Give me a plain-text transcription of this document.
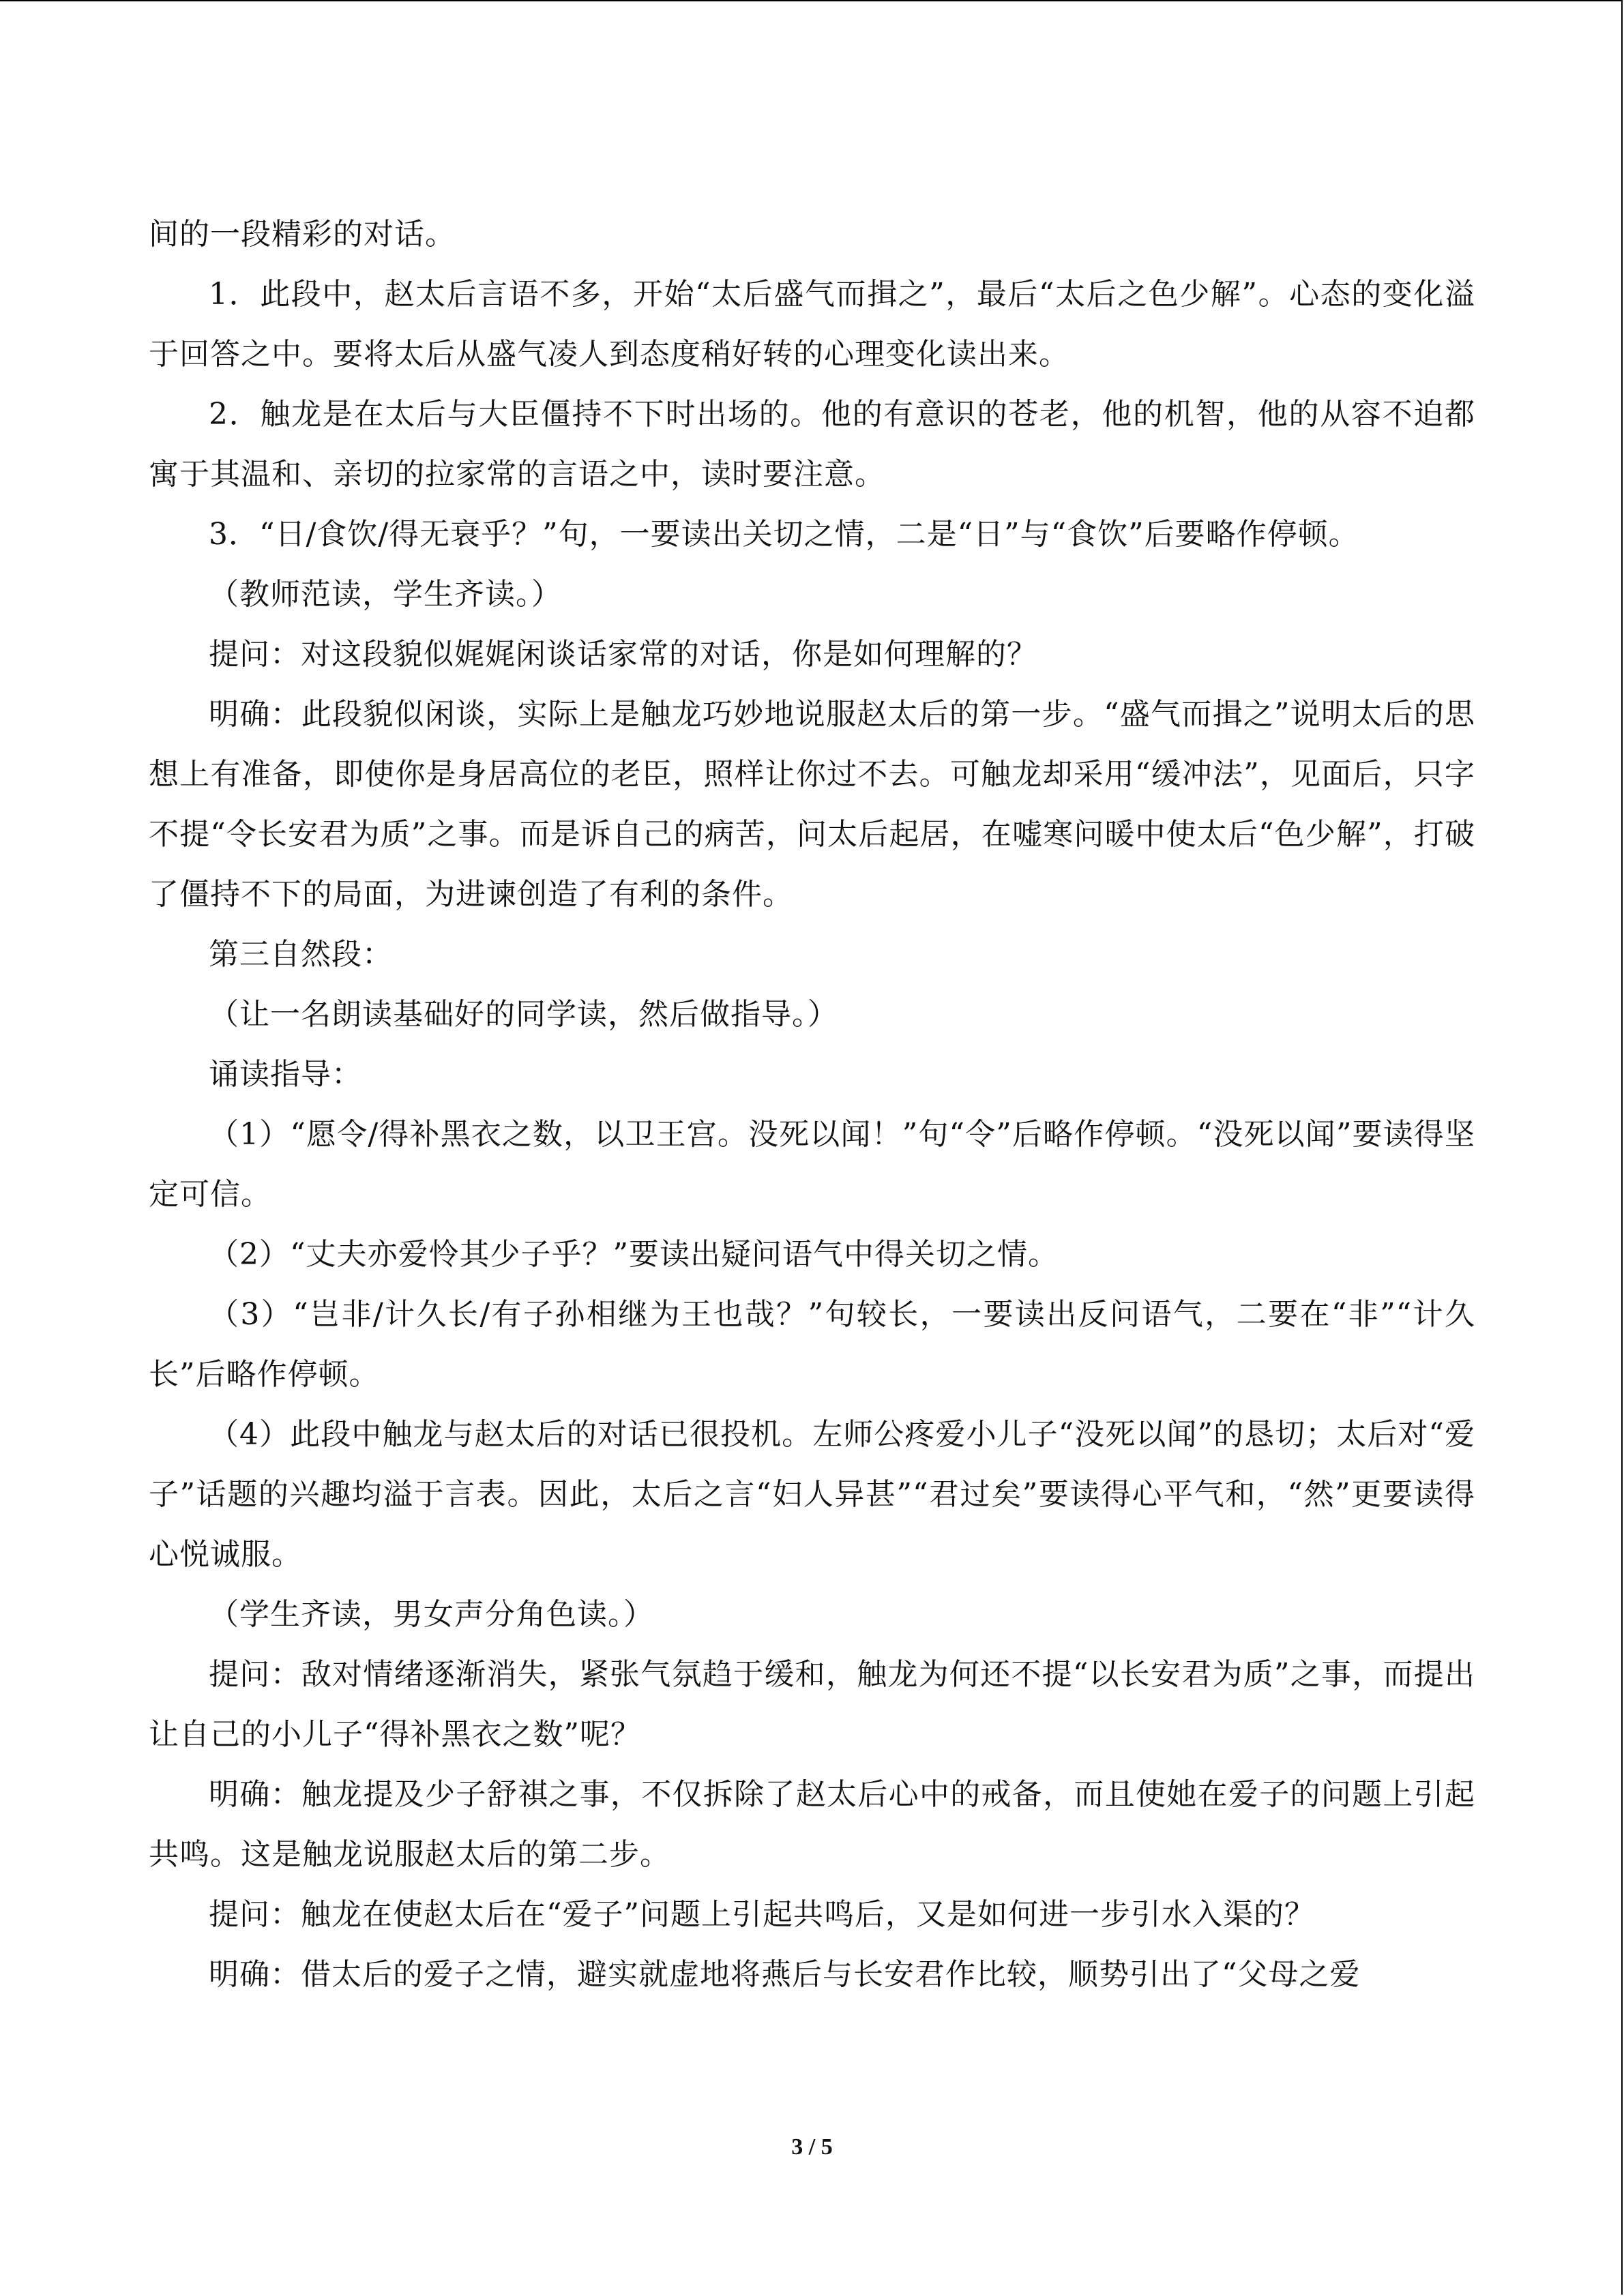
间的一段精彩的对话。

1．此段中，赵太后言语不多，开始“太后盛气而揖之”，最后“太后之色少解”。心态的变化溢于回答之中。要将太后从盛气凌人到态度稍好转的心理变化读出来。

2．触龙是在太后与大臣僵持不下时出场的。他的有意识的苍老，他的机智，他的从容不迫都寓于其温和、亲切的拉家常的言语之中，读时要注意。

3．“日/食饮/得无衰乎？”句，一要读出关切之情，二是“日”与“食饮”后要略作停顿。

（教师范读，学生齐读。）

提问：对这段貌似娓娓闲谈话家常的对话，你是如何理解的？

明确：此段貌似闲谈，实际上是触龙巧妙地说服赵太后的第一步。“盛气而揖之”说明太后的思想上有准备，即使你是身居高位的老臣，照样让你过不去。可触龙却采用“缓冲法”，见面后，只字不提“令长安君为质”之事。而是诉自己的病苦，问太后起居，在嘘寒问暖中使太后“色少解”，打破了僵持不下的局面，为进谏创造了有利的条件。

第三自然段：

（让一名朗读基础好的同学读，然后做指导。）

诵读指导：

（1）“愿令/得补黑衣之数，以卫王宫。没死以闻！”句“令”后略作停顿。“没死以闻”要读得坚定可信。

（2）“丈夫亦爱怜其少子乎？”要读出疑问语气中得关切之情。

（3）“岂非/计久长/有子孙相继为王也哉？”句较长，一要读出反问语气，二要在“非”“计久长”后略作停顿。

（4）此段中触龙与赵太后的对话已很投机。左师公疼爱小儿子“没死以闻”的恳切；太后对“爱子”话题的兴趣均溢于言表。因此，太后之言“妇人异甚”“君过矣”要读得心平气和，“然”更要读得心悦诚服。

（学生齐读，男女声分角色读。）

提问：敌对情绪逐渐消失，紧张气氛趋于缓和，触龙为何还不提“以长安君为质”之事，而提出让自己的小儿子“得补黑衣之数”呢？

明确：触龙提及少子舒祺之事，不仅拆除了赵太后心中的戒备，而且使她在爱子的问题上引起共鸣。这是触龙说服赵太后的第二步。

提问：触龙在使赵太后在“爱子”问题上引起共鸣后，又是如何进一步引水入渠的？

明确：借太后的爱子之情，避实就虚地将燕后与长安君作比较，顺势引出了“父母之爱

3 / 5
